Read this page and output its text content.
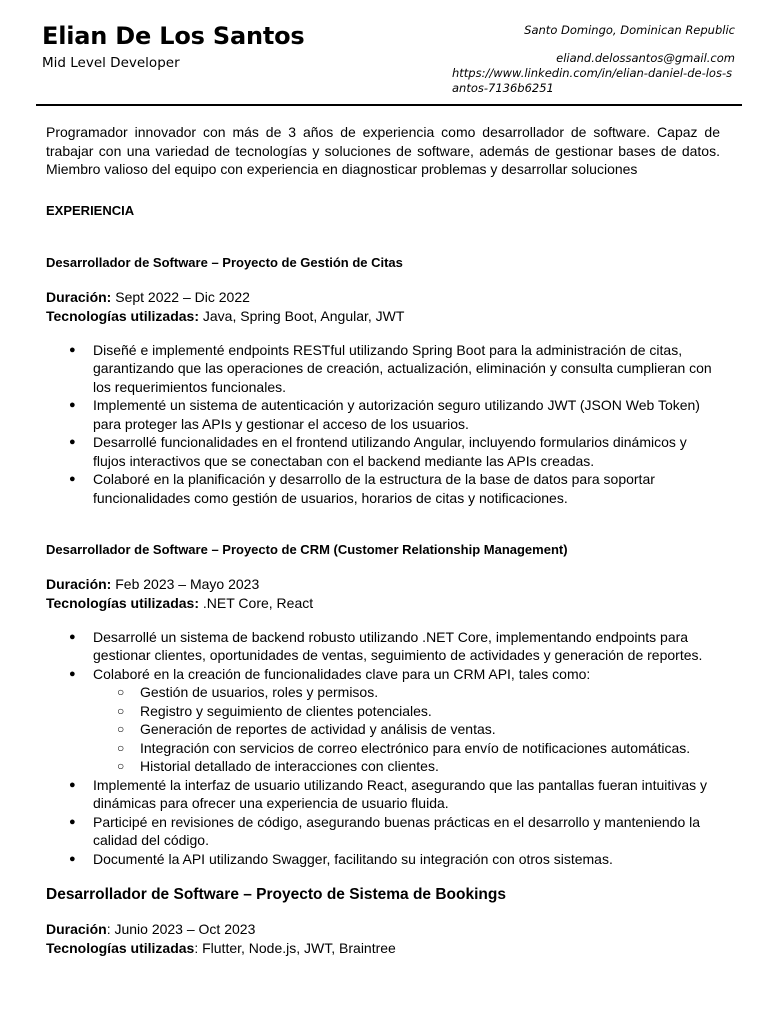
Elian De Los Santos
Mid Level Developer
Santo Domingo, Dominican Republic
eliand.delossantos@gmail.com
https://www.linkedin.com/in/elian-daniel-de-los-santos-7136b6251

Programador innovador con más de 3 años de experiencia como desarrollador de software. Capaz de trabajar con una variedad de tecnologías y soluciones de software, además de gestionar bases de datos. Miembro valioso del equipo con experiencia en diagnosticar problemas y desarrollar soluciones

EXPERIENCIA
Desarrollador de Software – Proyecto de Gestión de Citas
Duración: Sept 2022 – Dic 2022
Tecnologías utilizadas: Java, Spring Boot, Angular, JWT
● Diseñé e implementé endpoints RESTful utilizando Spring Boot para la administración de citas, garantizando que las operaciones de creación, actualización, eliminación y consulta cumplieran con los requerimientos funcionales.
● Implementé un sistema de autenticación y autorización seguro utilizando JWT (JSON Web Token) para proteger las APIs y gestionar el acceso de los usuarios.
● Desarrollé funcionalidades en el frontend utilizando Angular, incluyendo formularios dinámicos y flujos interactivos que se conectaban con el backend mediante las APIs creadas.
● Colaboré en la planificación y desarrollo de la estructura de la base de datos para soportar funcionalidades como gestión de usuarios, horarios de citas y notificaciones.
Desarrollador de Software – Proyecto de CRM (Customer Relationship Management)
Duración: Feb 2023 – Mayo 2023
Tecnologías utilizadas: .NET Core, React
● Desarrollé un sistema de backend robusto utilizando .NET Core, implementando endpoints para gestionar clientes, oportunidades de ventas, seguimiento de actividades y generación de reportes.
● Colaboré en la creación de funcionalidades clave para un CRM API, tales como:
○ Gestión de usuarios, roles y permisos.
○ Registro y seguimiento de clientes potenciales.
○ Generación de reportes de actividad y análisis de ventas.
○ Integración con servicios de correo electrónico para envío de notificaciones automáticas.
○ Historial detallado de interacciones con clientes.
● Implementé la interfaz de usuario utilizando React, asegurando que las pantallas fueran intuitivas y dinámicas para ofrecer una experiencia de usuario fluida.
● Participé en revisiones de código, asegurando buenas prácticas en el desarrollo y manteniendo la calidad del código.
● Documenté la API utilizando Swagger, facilitando su integración con otros sistemas.
Desarrollador de Software – Proyecto de Sistema de Bookings
Duración: Junio 2023 – Oct 2023
Tecnologías utilizadas: Flutter, Node.js, JWT, Braintree
